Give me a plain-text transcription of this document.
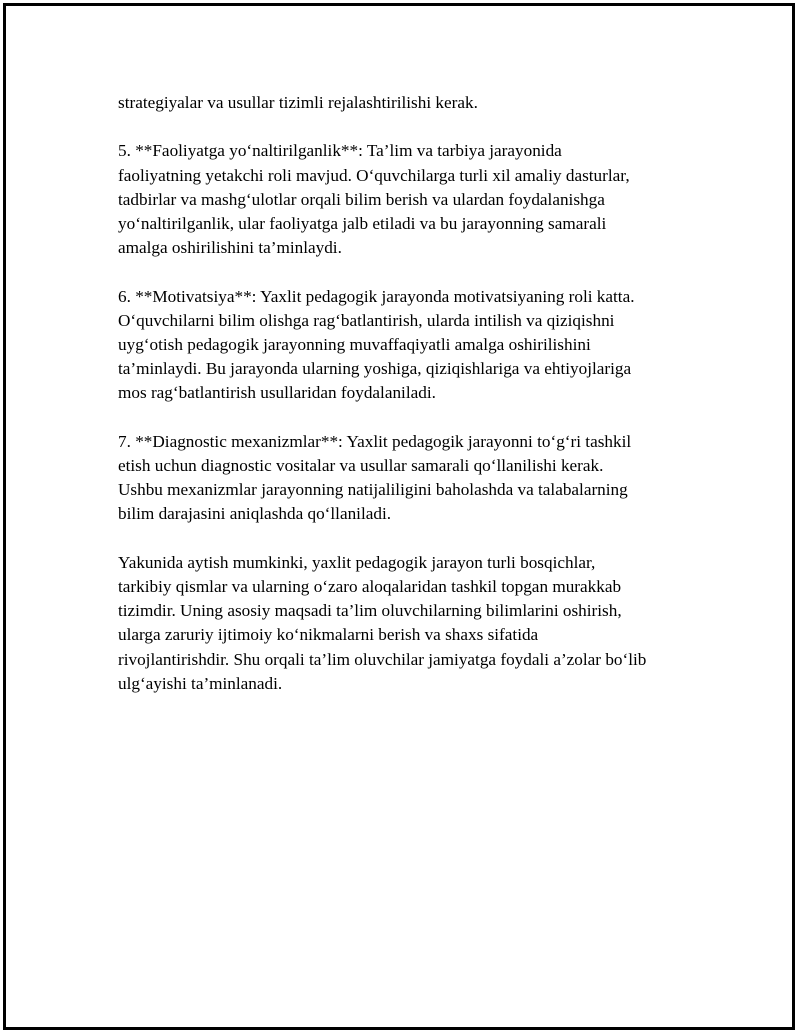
strategiyalar va usullar tizimli rejalashtirilishi kerak.
5. **Faoliyatga yo‘naltirilganlik**: Ta’lim va tarbiya jarayonida
faoliyatning yetakchi roli mavjud. O‘quvchilarga turli xil amaliy dasturlar,
tadbirlar va mashg‘ulotlar orqali bilim berish va ulardan foydalanishga
yo‘naltirilganlik, ular faoliyatga jalb etiladi va bu jarayonning samarali
amalga oshirilishini ta’minlaydi.
6. **Motivatsiya**: Yaxlit pedagogik jarayonda motivatsiyaning roli katta.
O‘quvchilarni bilim olishga rag‘batlantirish, ularda intilish va qiziqishni
uyg‘otish pedagogik jarayonning muvaffaqiyatli amalga oshirilishini
ta’minlaydi. Bu jarayonda ularning yoshiga, qiziqishlariga va ehtiyojlariga
mos rag‘batlantirish usullaridan foydalaniladi.
7. **Diagnostic mexanizmlar**: Yaxlit pedagogik jarayonni to‘g‘ri tashkil
etish uchun diagnostic vositalar va usullar samarali qo‘llanilishi kerak.
Ushbu mexanizmlar jarayonning natijaliligini baholashda va talabalarning
bilim darajasini aniqlashda qo‘llaniladi.
Yakunida aytish mumkinki, yaxlit pedagogik jarayon turli bosqichlar,
tarkibiy qismlar va ularning o‘zaro aloqalaridan tashkil topgan murakkab
tizimdir. Uning asosiy maqsadi ta’lim oluvchilarning bilimlarini oshirish,
ularga zaruriy ijtimoiy ko‘nikmalarni berish va shaxs sifatida
rivojlantirishdir. Shu orqali ta’lim oluvchilar jamiyatga foydali a’zolar bo‘lib
ulg‘ayishi ta’minlanadi.
